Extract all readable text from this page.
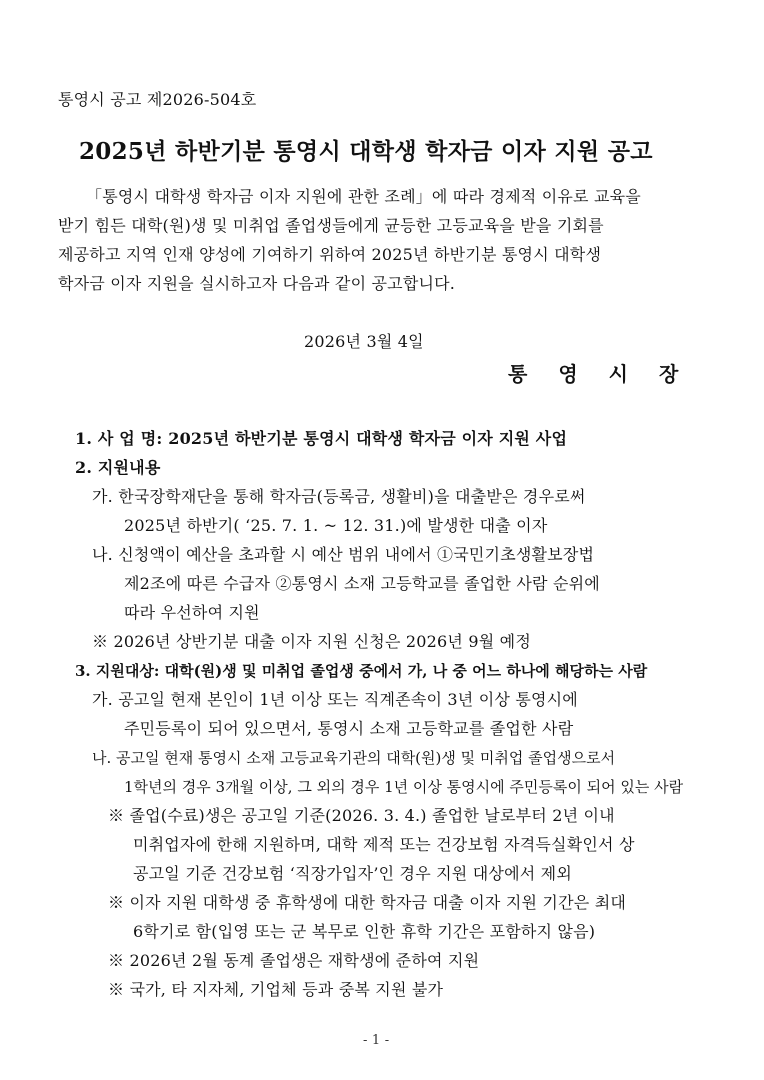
통영시 공고 제2026-504호
2025년 하반기분 통영시 대학생 학자금 이자 지원 공고
「통영시 대학생 학자금 이자 지원에 관한 조례」에 따라 경제적 이유로 교육을
받기 힘든 대학(원)생 및 미취업 졸업생들에게 균등한 고등교육을 받을 기회를
제공하고 지역 인재 양성에 기여하기 위하여 2025년 하반기분 통영시 대학생
학자금 이자 지원을 실시하고자 다음과 같이 공고합니다.
2026년 3월 4일
통영시장
1. 사 업 명: 2025년 하반기분 통영시 대학생 학자금 이자 지원 사업
2. 지원내용
가. 한국장학재단을 통해 학자금(등록금, 생활비)을 대출받은 경우로써
2025년 하반기( ‘25. 7. 1. ~ 12. 31.)에 발생한 대출 이자
나. 신청액이 예산을 초과할 시 예산 범위 내에서 ①국민기초생활보장법
제2조에 따른 수급자 ②통영시 소재 고등학교를 졸업한 사람 순위에
따라 우선하여 지원
※ 2026년 상반기분 대출 이자 지원 신청은 2026년 9월 예정
3. 지원대상: 대학(원)생 및 미취업 졸업생 중에서 가, 나 중 어느 하나에 해당하는 사람
가. 공고일 현재 본인이 1년 이상 또는 직계존속이 3년 이상 통영시에
주민등록이 되어 있으면서, 통영시 소재 고등학교를 졸업한 사람
나. 공고일 현재 통영시 소재 고등교육기관의 대학(원)생 및 미취업 졸업생으로서
1학년의 경우 3개월 이상, 그 외의 경우 1년 이상 통영시에 주민등록이 되어 있는 사람
※ 졸업(수료)생은 공고일 기준(2026. 3. 4.) 졸업한 날로부터 2년 이내
미취업자에 한해 지원하며, 대학 제적 또는 건강보험 자격득실확인서 상
공고일 기준 건강보험 ‘직장가입자’인 경우 지원 대상에서 제외
※ 이자 지원 대학생 중 휴학생에 대한 학자금 대출 이자 지원 기간은 최대
6학기로 함(입영 또는 군 복무로 인한 휴학 기간은 포함하지 않음)
※ 2026년 2월 동계 졸업생은 재학생에 준하여 지원
※ 국가, 타 지자체, 기업체 등과 중복 지원 불가
- 1 -
